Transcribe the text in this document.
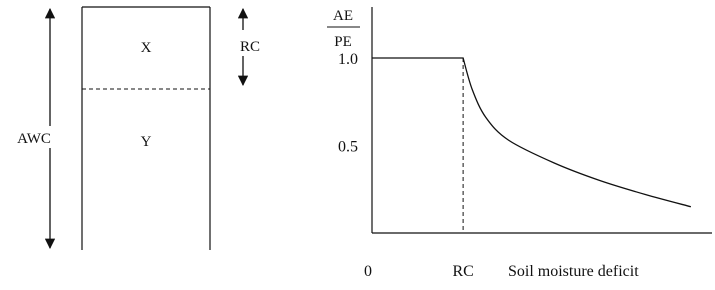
X
Y
AWC
RC
AE
PE
0.5
1.0
0	RC Soil moisture deficit
